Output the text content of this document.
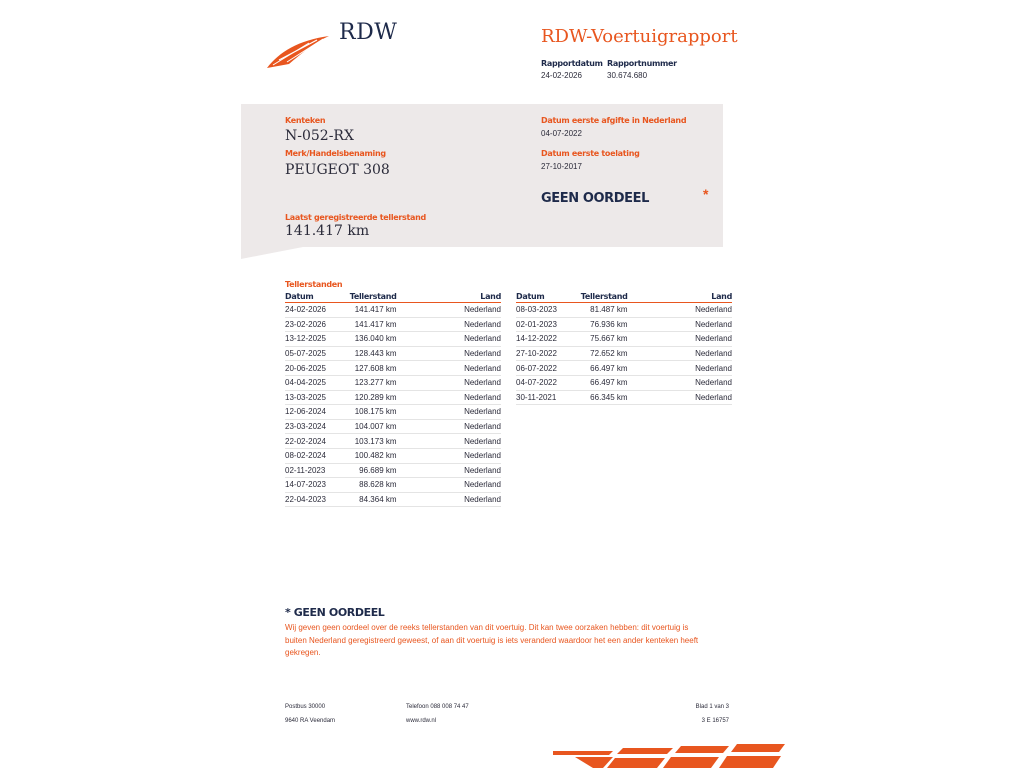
RDW	RDW-Voertuigrapport
Rapportdatum
24-02-2026
Rapportnummer
30.674.680
Kenteken
N-052-RX
Merk/Handelsbenaming
PEUGEOT 308
Laatst geregistreerde tellerstand
141.417 km
Datum eerste afgifte in Nederland
04-07-2022
Datum eerste toelating
27-10-2017
GEEN OORDEEL	*
Tellerstanden
Datum	Tellerstand	Land
24-02-2026	141.417 km	Nederland
23-02-2026	141.417 km	Nederland
13-12-2025	136.040 km	Nederland
05-07-2025	128.443 km	Nederland
20-06-2025	127.608 km	Nederland
04-04-2025	123.277 km	Nederland
13-03-2025	120.289 km	Nederland
12-06-2024	108.175 km	Nederland
23-03-2024	104.007 km	Nederland
22-02-2024	103.173 km	Nederland
08-02-2024	100.482 km	Nederland
02-11-2023	96.689 km	Nederland
14-07-2023	88.628 km	Nederland
22-04-2023	84.364 km	Nederland
Datum	Tellerstand	Land
08-03-2023	81.487 km	Nederland
02-01-2023	76.936 km	Nederland
14-12-2022	75.667 km	Nederland
27-10-2022	72.652 km	Nederland
06-07-2022	66.497 km	Nederland
04-07-2022	66.497 km	Nederland
30-11-2021	66.345 km	Nederland
* GEEN OORDEEL
Wij geven geen oordeel over de reeks tellerstanden van dit voertuig. Dit kan twee oorzaken hebben: dit voertuig is buiten Nederland geregistreerd geweest, of aan dit voertuig is iets veranderd waardoor het een ander kenteken heeft gekregen.
Postbus 30000
9640 RA Veendam
Telefoon 088 008 74 47
www.rdw.nl
Blad 1 van 3
3 E 16757
